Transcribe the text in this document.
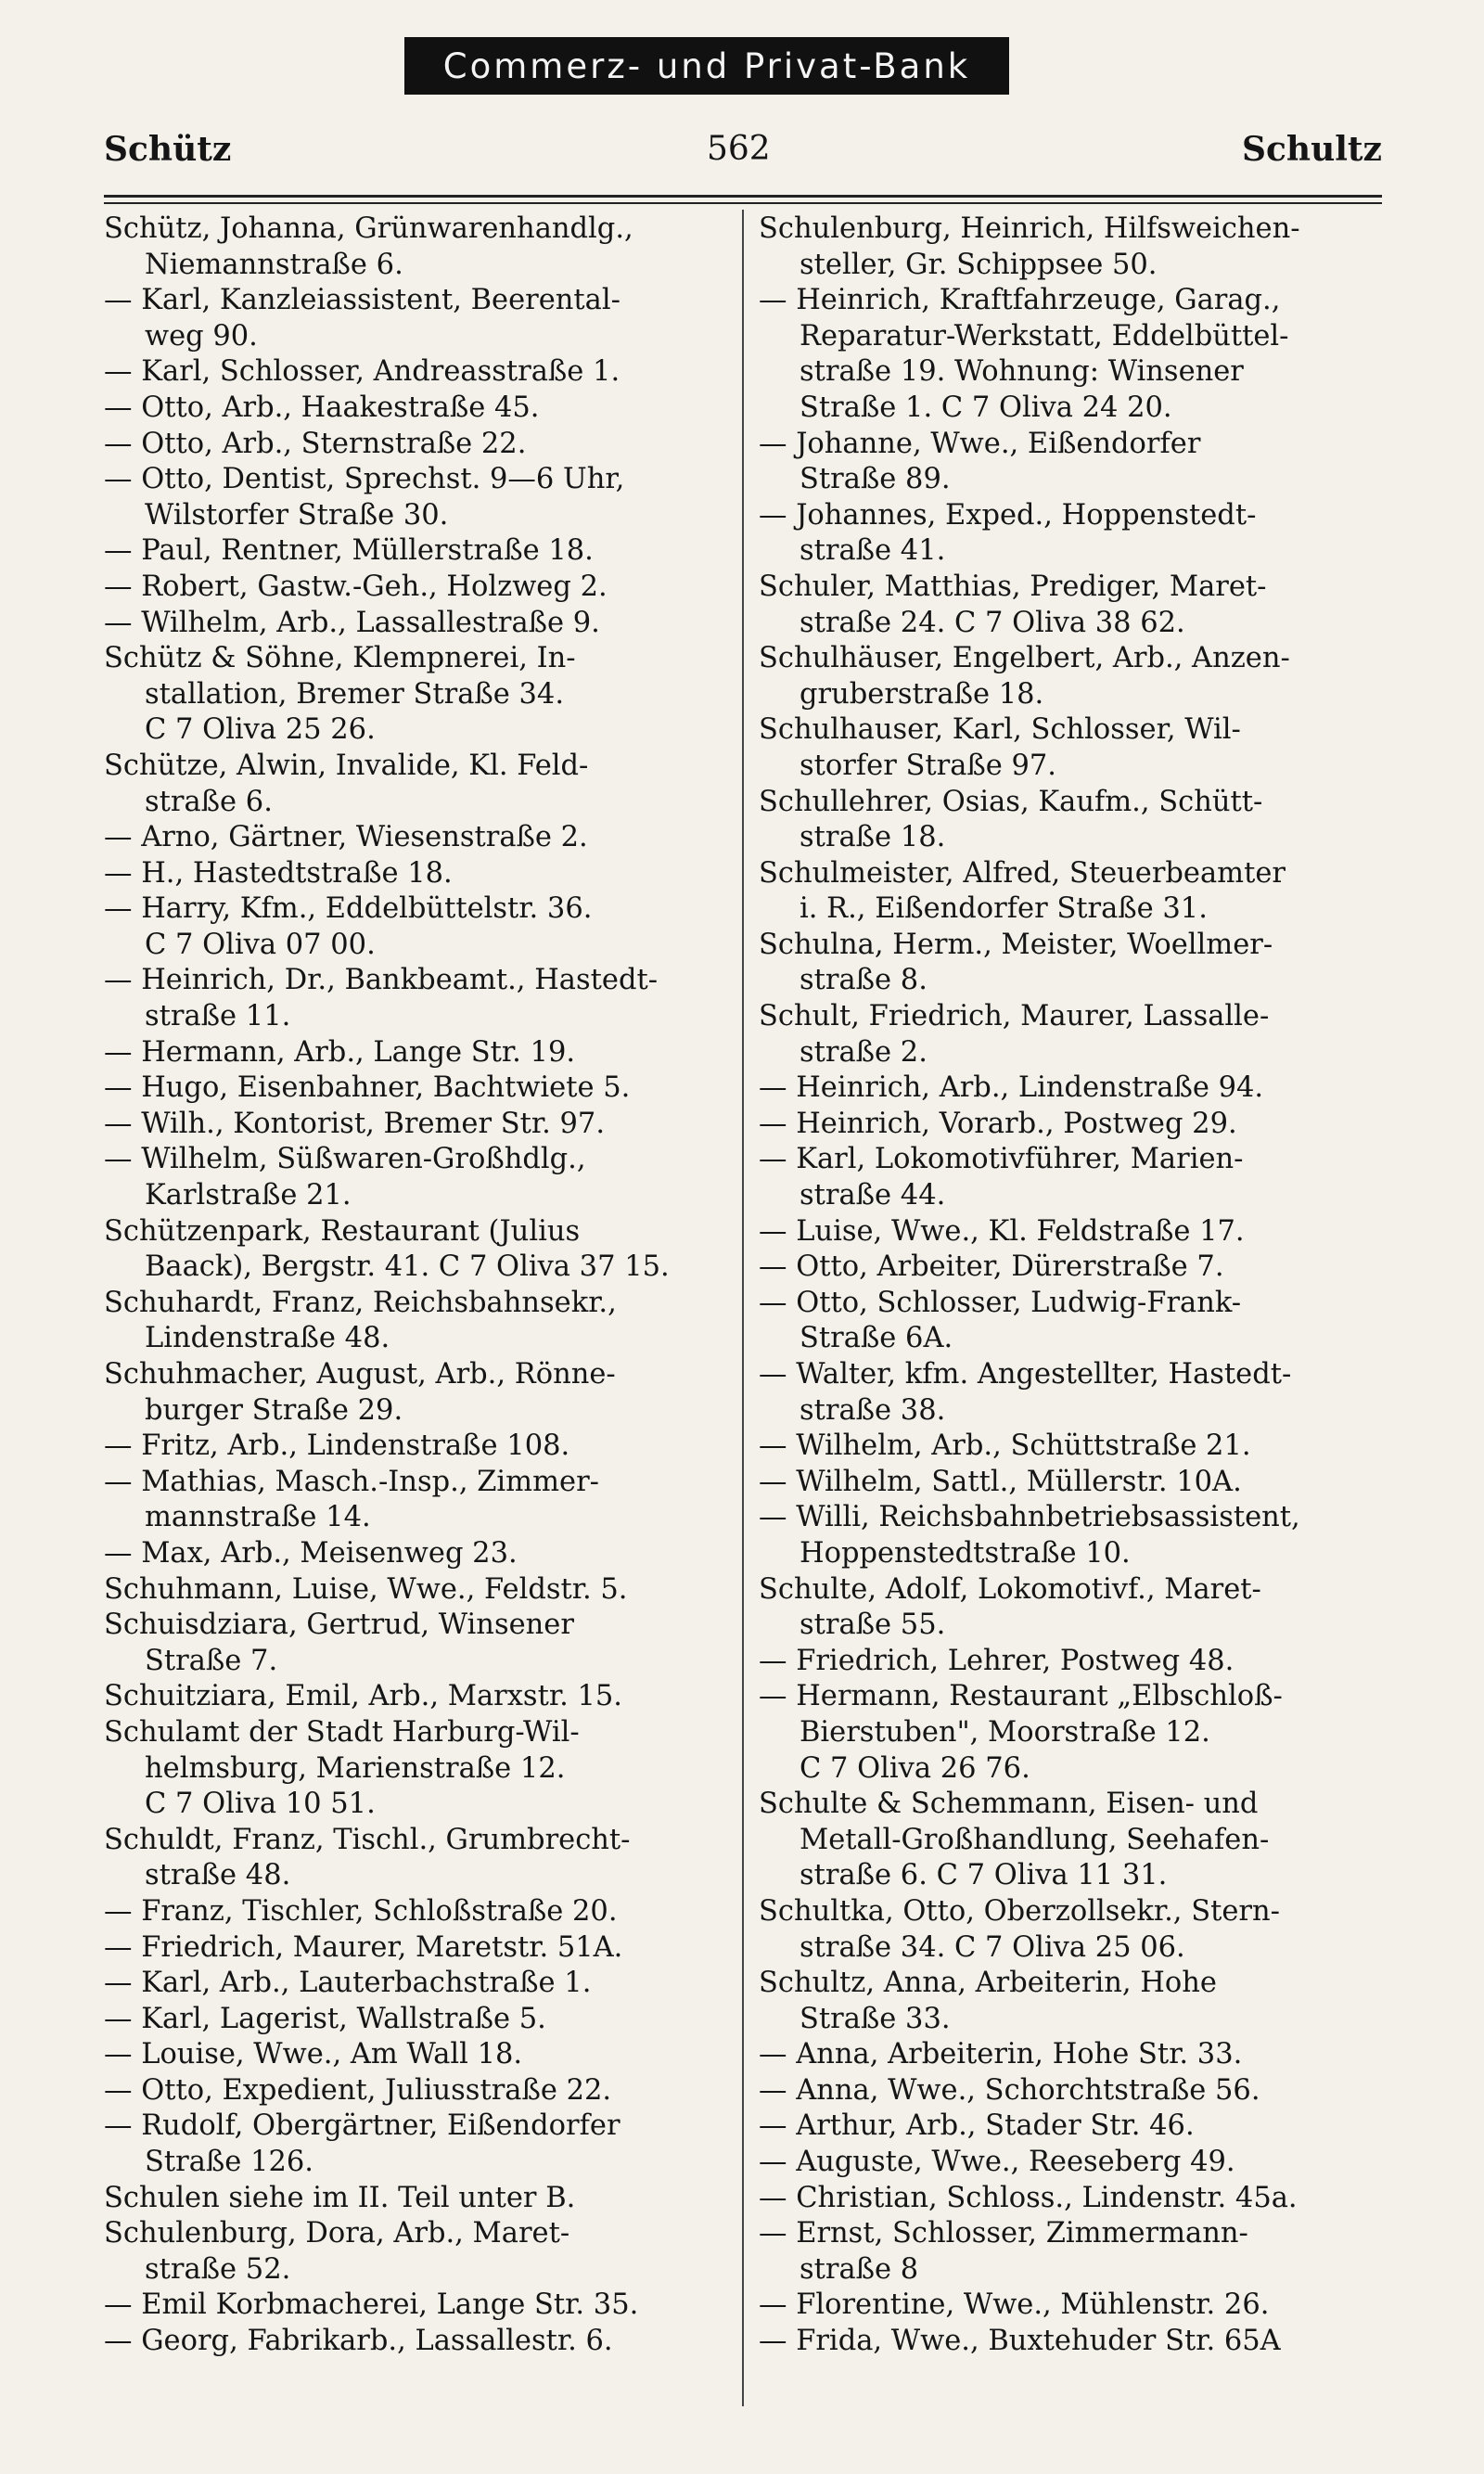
Commerz- und Privat-Bank
Schütz	562	Schultz
Schütz, Johanna, Grünwarenhandlg.,
Niemannstraße 6.
— Karl, Kanzleiassistent, Beerental-
weg 90.
— Karl, Schlosser, Andreasstraße 1.
— Otto, Arb., Haakestraße 45.
— Otto, Arb., Sternstraße 22.
— Otto, Dentist, Sprechst. 9—6 Uhr,
Wilstorfer Straße 30.
— Paul, Rentner, Müllerstraße 18.
— Robert, Gastw.-Geh., Holzweg 2.
— Wilhelm, Arb., Lassallestraße 9.
Schütz & Söhne, Klempnerei, In-
stallation, Bremer Straße 34.
C 7 Oliva 25 26.
Schütze, Alwin, Invalide, Kl. Feld-
straße 6.
— Arno, Gärtner, Wiesenstraße 2.
— H., Hastedtstraße 18.
— Harry, Kfm., Eddelbüttelstr. 36.
C 7 Oliva 07 00.
— Heinrich, Dr., Bankbeamt., Hastedt-
straße 11.
— Hermann, Arb., Lange Str. 19.
— Hugo, Eisenbahner, Bachtwiete 5.
— Wilh., Kontorist, Bremer Str. 97.
— Wilhelm, Süßwaren-Großhdlg.,
Karlstraße 21.
Schützenpark, Restaurant (Julius
Baack), Bergstr. 41. C 7 Oliva 37 15.
Schuhardt, Franz, Reichsbahnsekr.,
Lindenstraße 48.
Schuhmacher, August, Arb., Rönne-
burger Straße 29.
— Fritz, Arb., Lindenstraße 108.
— Mathias, Masch.-Insp., Zimmer-
mannstraße 14.
— Max, Arb., Meisenweg 23.
Schuhmann, Luise, Wwe., Feldstr. 5.
Schuisdziara, Gertrud, Winsener
Straße 7.
Schuitziara, Emil, Arb., Marxstr. 15.
Schulamt der Stadt Harburg-Wil-
helmsburg, Marienstraße 12.
C 7 Oliva 10 51.
Schuldt, Franz, Tischl., Grumbrecht-
straße 48.
— Franz, Tischler, Schloßstraße 20.
— Friedrich, Maurer, Maretstr. 51A.
— Karl, Arb., Lauterbachstraße 1.
— Karl, Lagerist, Wallstraße 5.
— Louise, Wwe., Am Wall 18.
— Otto, Expedient, Juliusstraße 22.
— Rudolf, Obergärtner, Eißendorfer
Straße 126.
Schulen siehe im II. Teil unter B.
Schulenburg, Dora, Arb., Maret-
straße 52.
— Emil Korbmacherei, Lange Str. 35.
— Georg, Fabrikarb., Lassallestr. 6.
Schulenburg, Heinrich, Hilfsweichen-
steller, Gr. Schippsee 50.
— Heinrich, Kraftfahrzeuge, Garag.,
Reparatur-Werkstatt, Eddelbüttel-
straße 19. Wohnung: Winsener
Straße 1. C 7 Oliva 24 20.
— Johanne, Wwe., Eißendorfer
Straße 89.
— Johannes, Exped., Hoppenstedt-
straße 41.
Schuler, Matthias, Prediger, Maret-
straße 24. C 7 Oliva 38 62.
Schulhäuser, Engelbert, Arb., Anzen-
gruberstraße 18.
Schulhauser, Karl, Schlosser, Wil-
storfer Straße 97.
Schullehrer, Osias, Kaufm., Schütt-
straße 18.
Schulmeister, Alfred, Steuerbeamter
i. R., Eißendorfer Straße 31.
Schulna, Herm., Meister, Woellmer-
straße 8.
Schult, Friedrich, Maurer, Lassalle-
straße 2.
— Heinrich, Arb., Lindenstraße 94.
— Heinrich, Vorarb., Postweg 29.
— Karl, Lokomotivführer, Marien-
straße 44.
— Luise, Wwe., Kl. Feldstraße 17.
— Otto, Arbeiter, Dürerstraße 7.
— Otto, Schlosser, Ludwig-Frank-
Straße 6A.
— Walter, kfm. Angestellter, Hastedt-
straße 38.
— Wilhelm, Arb., Schüttstraße 21.
— Wilhelm, Sattl., Müllerstr. 10A.
— Willi, Reichsbahnbetriebsassistent,
Hoppenstedtstraße 10.
Schulte, Adolf, Lokomotivf., Maret-
straße 55.
— Friedrich, Lehrer, Postweg 48.
— Hermann, Restaurant „Elbschloß-
Bierstuben", Moorstraße 12.
C 7 Oliva 26 76.
Schulte & Schemmann, Eisen- und
Metall-Großhandlung, Seehafen-
straße 6. C 7 Oliva 11 31.
Schultka, Otto, Oberzollsekr., Stern-
straße 34. C 7 Oliva 25 06.
Schultz, Anna, Arbeiterin, Hohe
Straße 33.
— Anna, Arbeiterin, Hohe Str. 33.
— Anna, Wwe., Schorchtstraße 56.
— Arthur, Arb., Stader Str. 46.
— Auguste, Wwe., Reeseberg 49.
— Christian, Schloss., Lindenstr. 45a.
— Ernst, Schlosser, Zimmermann-
straße 8
— Florentine, Wwe., Mühlenstr. 26.
— Frida, Wwe., Buxtehuder Str. 65A
